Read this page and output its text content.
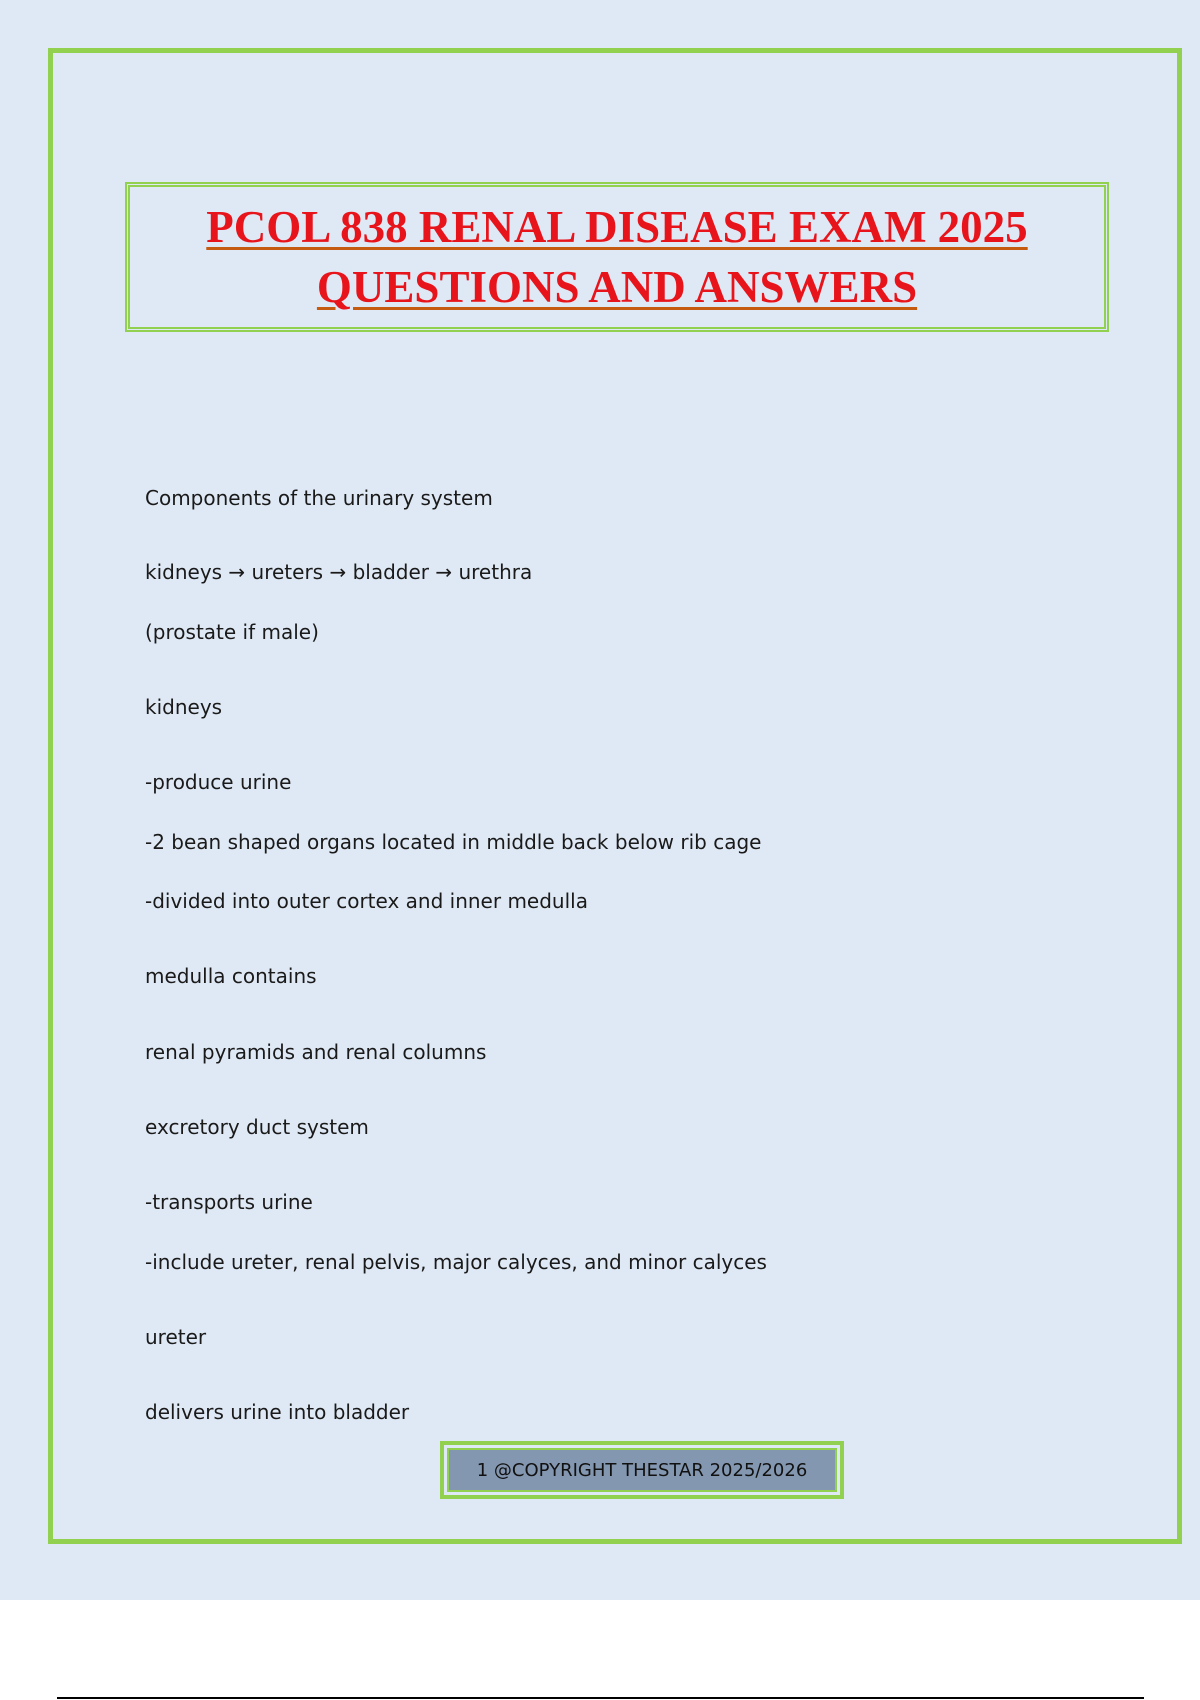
PCOL 838 RENAL DISEASE EXAM 2025
QUESTIONS AND ANSWERS
Components of the urinary system
kidneys → ureters → bladder → urethra
(prostate if male)
kidneys
-produce urine
-2 bean shaped organs located in middle back below rib cage
-divided into outer cortex and inner medulla
medulla contains
renal pyramids and renal columns
excretory duct system
-transports urine
-include ureter, renal pelvis, major calyces, and minor calyces
ureter
delivers urine into bladder
1 @COPYRIGHT THESTAR 2025/2026
